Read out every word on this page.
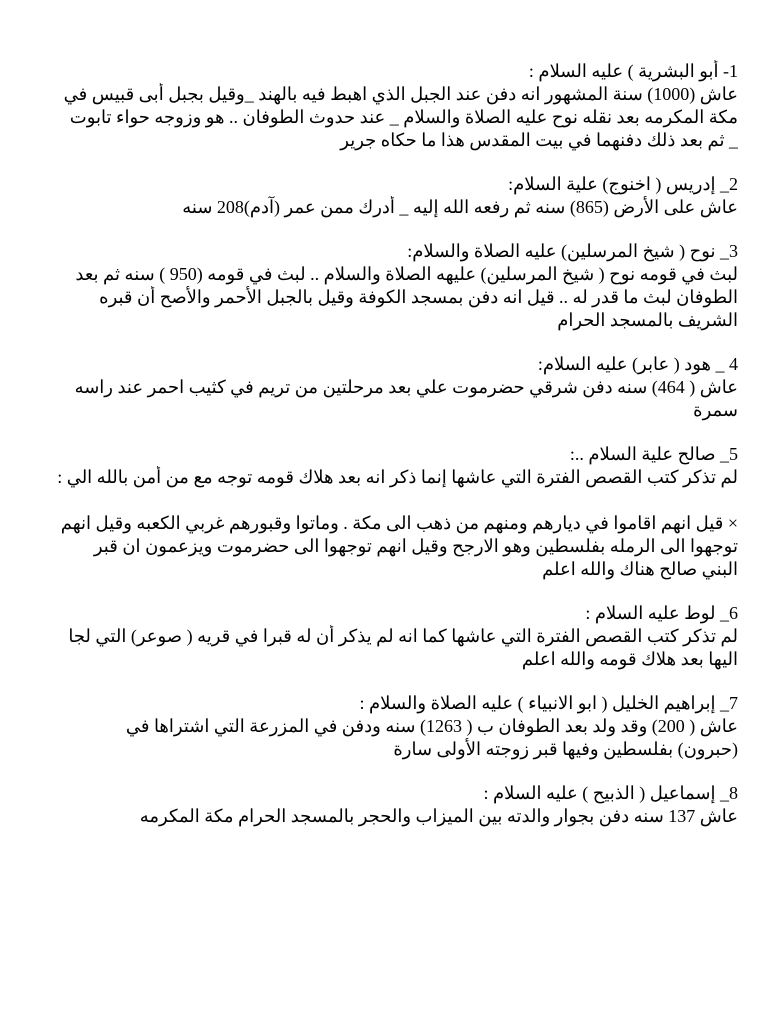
1- أبو البشرية ) عليه السلام :
عاش (1000) سنة المشهور انه دفن عند الجبل الذي اهبط فيه بالهند _وقيل بجبل أبى قبيس في
مكة المكرمه بعد نقله نوح عليه الصلاة والسلام _ عند حدوث الطوفان .. هو وزوجه حواء تابوت
_ ثم بعد ذلك دفنهما في بيت المقدس هذا ما حكاه جرير
2_ إدريس ( اخنوج) علية السلام:
عاش على الأرض (865) سنه ثم رفعه الله إليه _ أدرك ممن عمر (آدم)208 سنه
3_ نوح ( شيخ المرسلين) عليه الصلاة والسلام:
لبث في قومه نوح ( شيخ المرسلين) عليهه الصلاة والسلام .. لبث في قومه (950 ) سنه ثم بعد
الطوفان لبث ما قدر له .. قيل انه دفن بمسجد الكوفة وقيل بالجبل الأحمر والأصح أن قبره
الشريف بالمسجد الحرام
4 _ هود ( عابر) عليه السلام:
عاش ( 464) سنه دفن شرقي حضرموت علي بعد مرحلتين من تريم في كثيب احمر عند راسه
سمرة
5_ صالح علية السلام ..:
لم تذكر كتب القصص الفترة التي عاشها إنما ذكر انه بعد هلاك قومه توجه مع من أمن بالله الي :
× قيل انهم اقاموا في ديارهم ومنهم من ذهب الى مكة . وماتوا وقبورهم غربي الكعبه وقيل انهم
توجهوا الى الرمله بفلسطين وهو الارجح وقيل انهم توجهوا الى حضرموت ويزعمون ان قبر
البني صالح هناك والله اعلم
6_ لوط عليه السلام :
لم تذكر كتب القصص الفترة التي عاشها كما انه لم يذكر أن له قبرا في قريه ( صوعر) التي لجا
اليها بعد هلاك قومه والله اعلم
7_ إبراهيم الخليل ( ابو الانبياء ) عليه الصلاة والسلام :
عاش ( 200) وقد ولد بعد الطوفان ب ( 1263) سنه ودفن في المزرعة التي اشتراها في
(حبرون) بفلسطين وفيها قبر زوجته الأولى سارة
8_ إسماعيل ( الذبيح ) عليه السلام :
عاش 137 سنه دفن بجوار والدته بين الميزاب والحجر بالمسجد الحرام مكة المكرمه
